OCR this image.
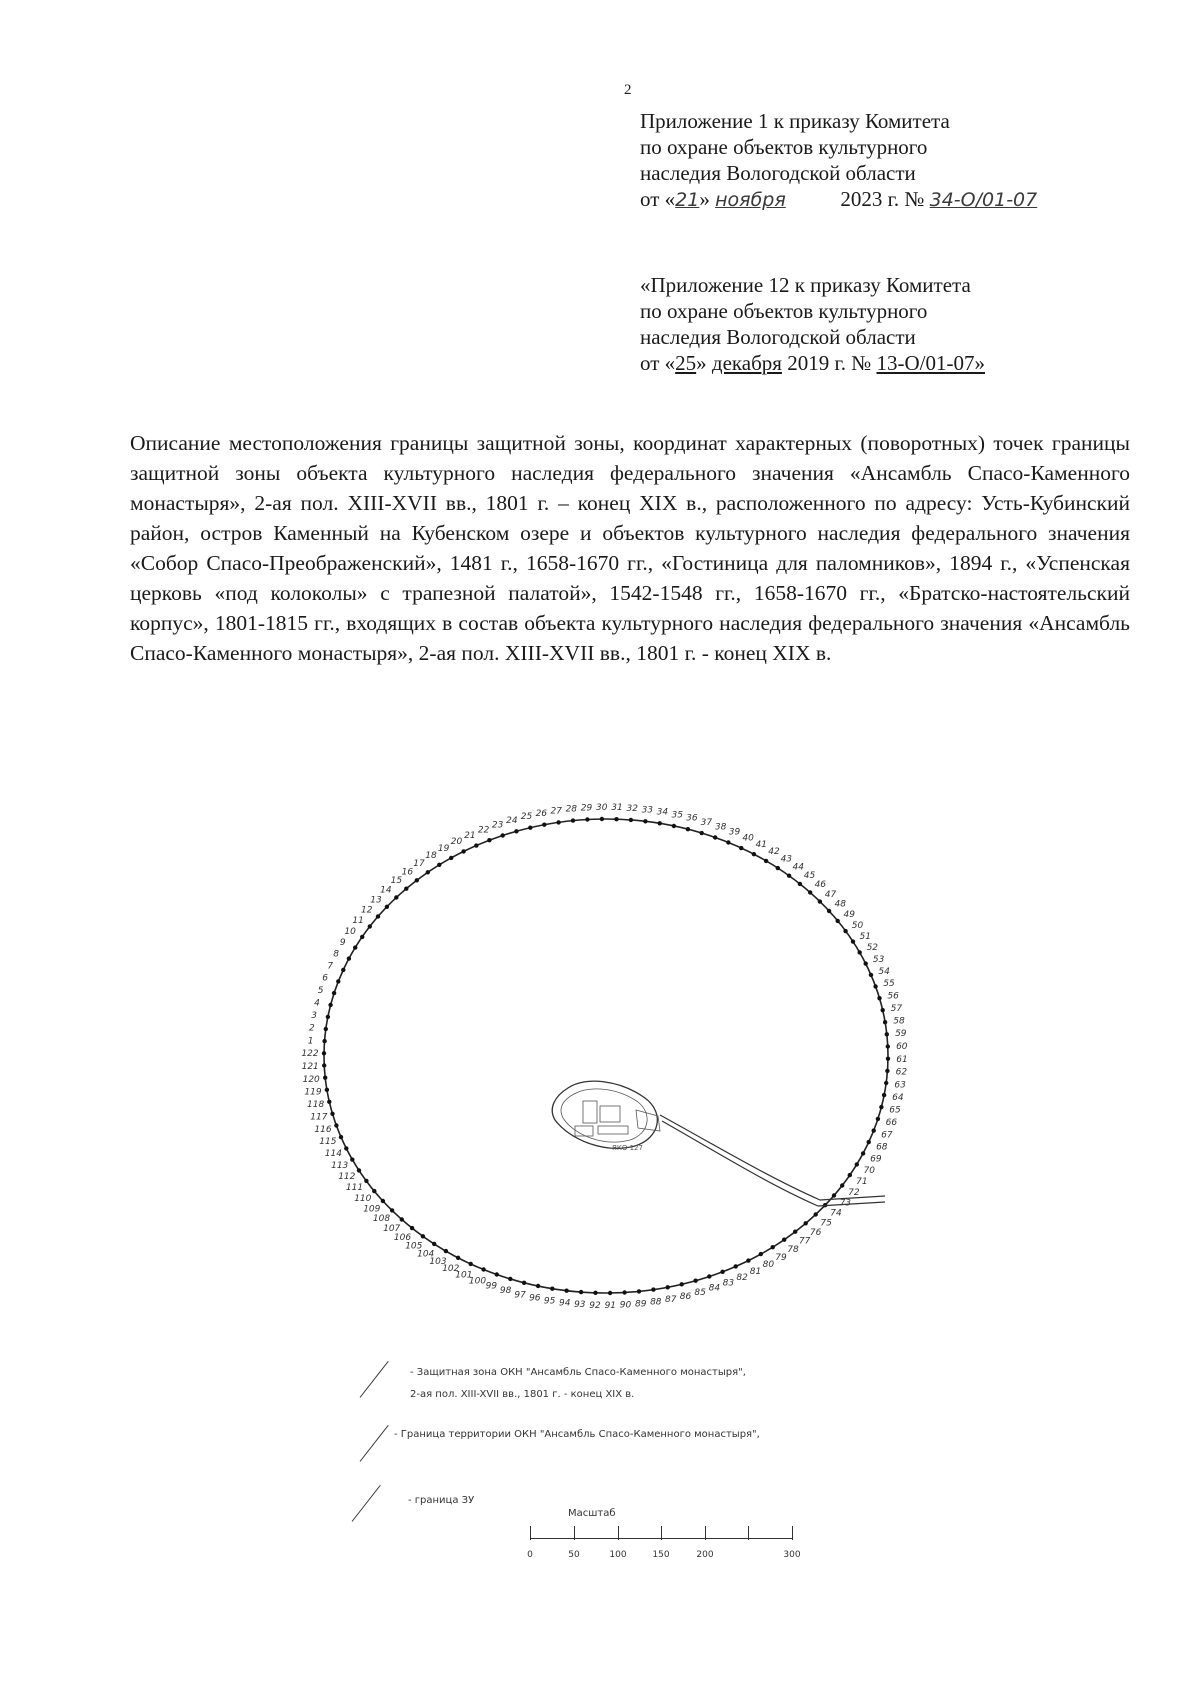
2
Приложение 1 к приказу Комитета
по охране объектов культурного
наследия Вологодской области
от «21» ноября	2023 г. № 34-О/01-07
«Приложение 12 к приказу Комитета
по охране объектов культурного
наследия Вологодской области
от «25» декабря 2019 г. № 13-О/01-07»
Описание местоположения границы защитной зоны, координат характерных (поворотных) точек границы защитной зоны объекта культурного наследия федерального значения «Ансамбль Спасо-Каменного монастыря», 2-ая пол. XIII-XVII вв., 1801 г. – конец XIX в., расположенного по адресу: Усть-Кубинский район, остров Каменный на Кубенском озере и объектов культурного наследия федерального значения «Собор Спасо-Преображенский», 1481 г., 1658-1670 гг., «Гостиница для паломников», 1894 г., «Успенская церковь «под колоколы» с трапезной палатой», 1542-1548 гг., 1658-1670 гг., «Братско-настоятельский корпус», 1801-1815 гг., входящих в состав объекта культурного наследия федерального значения «Ансамбль Спасо-Каменного монастыря», 2-ая пол. XIII-XVII вв., 1801 г. - конец XIX в.
1
2
3
4
5
6
7
8
9
10
11
12
13
14
15
16
17
18
19
20
21
22 23 24 25 26 27 28 29 30 31 32 33 34 35 36 37 38
39
40
41
42
43
44
45
46
47
48
49
50
51
52
53
54
55
56
57
58
59
60
61
62
63
64
65
66
67
68
69
70
71
72
73
74
75
76
77
78
79
80
81
82
83
84
85
86
87
88
89
90
91
92
93
94
95
96
97
98
99
100
101
102
103
104
105
106
107
108
109
110
111
112
113
114
115
116
117
118
119
120
121
122
ЯКО 127
- Защитная зона ОКН "Ансамбль Спасо-Каменного монастыря",
2-ая пол. XIII-XVII вв., 1801 г. - конец XIX в.
- Граница территории ОКН "Ансамбль Спасо-Каменного монастыря",
- граница ЗУ
Масштаб
0	50	100	150	200	300
